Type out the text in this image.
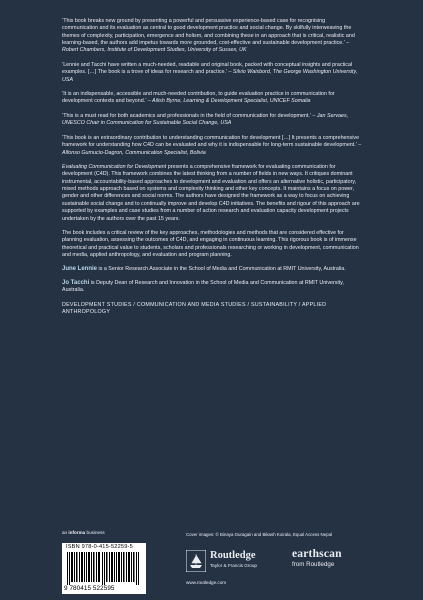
‘This book breaks new ground by presenting a powerful and persuasive experience-based case for recognising communication and its evaluation as central to good development practice and social change. By skilfully interweaving the themes of complexity, participation, emergence and holism, and combining these in an approach that is critical, realistic and learning-based, the authors add impetus towards more grounded, cost-effective and sustainable development practice.’ – Robert Chambers, Institute of Development Studies, University of Sussex, UK

‘Lennie and Tacchi have written a much-needed, readable and original book, packed with conceptual insights and practical examples. […] The book is a trove of ideas for research and practice.’ – Silvio Waisbord, The George Washington University, USA

‘It is an indispensable, accessible and much-needed contribution, to guide evaluation practice in communication for development contexts and beyond.’ – Ailish Byrne, Learning & Development Specialist, UNICEF Somalia

‘This is a must read for both academics and professionals in the field of communication for development.’ – Jan Servaes, UNESCO Chair in Communication for Sustainable Social Change, USA

‘This book is an extraordinary contribution to understanding communication for development […] It presents a comprehensive framework for understanding how C4D can be evaluated and why it is indispensable for long-term sustainable development.’ – Alfonso Gumucio-Dagron, Communication Specialist, Bolivia

Evaluating Communication for Development presents a comprehensive framework for evaluating communication for development (C4D). This framework combines the latest thinking from a number of fields in new ways. It critiques dominant instrumental, accountability-based approaches to development and evaluation and offers an alternative holistic, participatory, mixed methods approach based on systems and complexity thinking and other key concepts. It maintains a focus on power, gender and other differences and social norms. The authors have designed the framework as a way to focus on achieving sustainable social change and to continually improve and develop C4D initiatives. The benefits and rigour of this approach are supported by examples and case studies from a number of action research and evaluation capacity development projects undertaken by the authors over the past 15 years.

The book includes a critical review of the key approaches, methodologies and methods that are considered effective for planning evaluation, assessing the outcomes of C4D, and engaging in continuous learning. This rigorous book is of immense theoretical and practical value to students, scholars and professionals researching or working in development, communication and media, applied anthropology, and evaluation and program planning.

June Lennie is a Senior Research Associate in the School of Media and Communication at RMIT University, Australia.

Jo Tacchi is Deputy Dean of Research and Innovation in the School of Media and Communication at RMIT University, Australia.

DEVELOPMENT STUDIES / COMMUNICATION AND MEDIA STUDIES / SUSTAINABILITY / APPLIED ANTHROPOLOGY

an informa business
ISBN 978-0-415-52259-5
9 780415 522595
Cover images: © Binaya Guragain and Bikash Koirala, Equal Access Nepal
Routledge
Taylor & Francis Group
www.routledge.com
earthscan
from Routledge
